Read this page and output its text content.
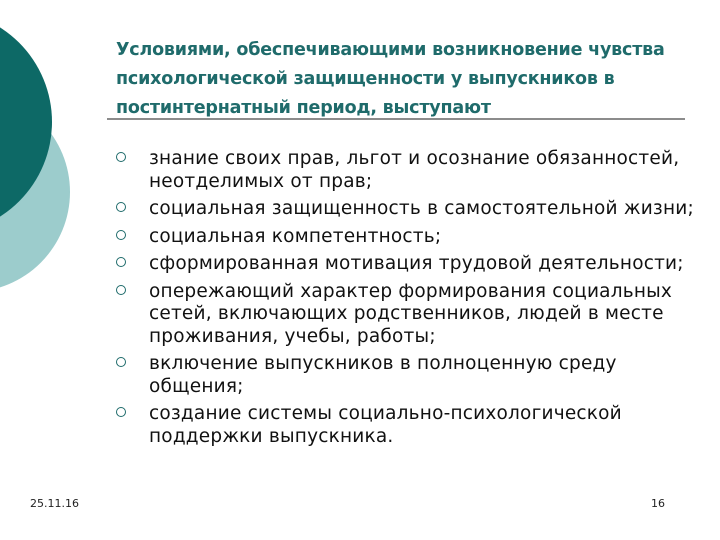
Условиями, обеспечивающими возникновение чувства психологической защищенности у выпускников в постинтернатный период, выступают
знание своих прав, льгот и осознание обязанностей, неотделимых от прав;
социальная защищенность в самостоятельной жизни;
социальная компетентность;
сформированная мотивация трудовой деятельности;
опережающий характер формирования социальных сетей, включающих родственников, людей в месте проживания, учебы, работы;
включение выпускников в полноценную среду общения;
создание системы социально-психологической поддержки выпускника.
25.11.16	16
